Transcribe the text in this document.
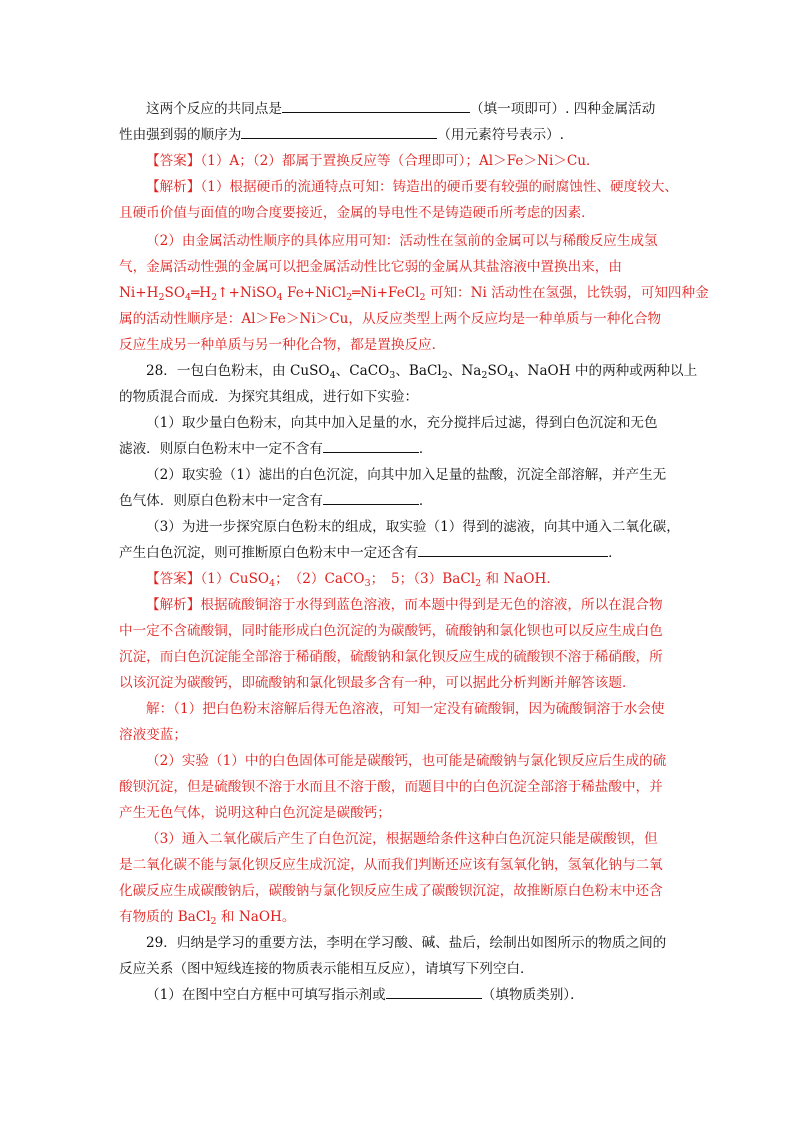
这两个反应的共同点是	（填一项即可）. 四种金属活动

性由强到弱的顺序为	（用元素符号表示）.

【答案】（1）A；（2）都属于置换反应等（合理即可）；Al＞Fe＞Ni＞Cu．

【解析】（1）根据硬币的流通特点可知：铸造出的硬币要有较强的耐腐蚀性、硬度较大、

且硬币价值与面值的吻合度要接近，金属的导电性不是铸造硬币所考虑的因素．

（2）由金属活动性顺序的具体应用可知：活动性在氢前的金属可以与稀酸反应生成氢

气，金属活动性强的金属可以把金属活动性比它弱的金属从其盐溶液中置换出来，由

$Ni+H_2SO_4═H_2↑+NiSO_4$ Fe+NiCl$_2$═Ni+FeCl$_2$ 可知：Ni 活动性在氢强，比铁弱，可知四种金

属的活动性顺序是：Al＞Fe＞Ni＞Cu，从反应类型上两个反应均是一种单质与一种化合物

反应生成另一种单质与另一种化合物，都是置换反应．

28．一包白色粉末，由 CuSO$_4$、CaCO$_3$、BaCl$_2$、$Na_2SO_4$、NaOH 中的两种或两种以上

的物质混合而成．为探究其组成，进行如下实验：

（1）取少量白色粉末，向其中加入足量的水，充分搅拌后过滤，得到白色沉淀和无色

滤液．则原白色粉末中一定不含有	．

（2）取实验（1）滤出的白色沉淀，向其中加入足量的盐酸，沉淀全部溶解，并产生无

色气体．则原白色粉末中一定含有	．

（3）为进一步探究原白色粉末的组成，取实验（1）得到的滤液，向其中通入二氧化碳，

产生白色沉淀，则可推断原白色粉末中一定还含有	．

【答案】（1）CuSO$_4$；　（2）CaCO$_3$；　5；（3）BaCl$_2$ 和 NaOH．

【解析】根据硫酸铜溶于水得到蓝色溶液，而本题中得到是无色的溶液，所以在混合物

中一定不含硫酸铜，同时能形成白色沉淀的为碳酸钙，硫酸钠和氯化钡也可以反应生成白色

沉淀，而白色沉淀能全部溶于稀硝酸，硫酸钠和氯化钡反应生成的硫酸钡不溶于稀硝酸，所

以该沉淀为碳酸钙，即硫酸钠和氯化钡最多含有一种，可以据此分析判断并解答该题．

解：（1）把白色粉末溶解后得无色溶液，可知一定没有硫酸铜，因为硫酸铜溶于水会使

溶液变蓝；

（2）实验（1）中的白色固体可能是碳酸钙，也可能是硫酸钠与氯化钡反应后生成的硫

酸钡沉淀，但是硫酸钡不溶于水而且不溶于酸，而题目中的白色沉淀全部溶于稀盐酸中，并

产生无色气体，说明这种白色沉淀是碳酸钙；

（3）通入二氧化碳后产生了白色沉淀，根据题给条件这种白色沉淀只能是碳酸钡，但

是二氧化碳不能与氯化钡反应生成沉淀，从而我们判断还应该有氢氧化钠，氢氧化钠与二氧

化碳反应生成碳酸钠后，碳酸钠与氯化钡反应生成了碳酸钡沉淀，故推断原白色粉末中还含

有物质的 BaCl$_2$ 和 NaOH。

29．归纳是学习的重要方法，李明在学习酸、碱、盐后，绘制出如图所示的物质之间的

反应关系（图中短线连接的物质表示能相互反应），请填写下列空白．

（1）在图中空白方框中可填写指示剂或	（填物质类别）．
